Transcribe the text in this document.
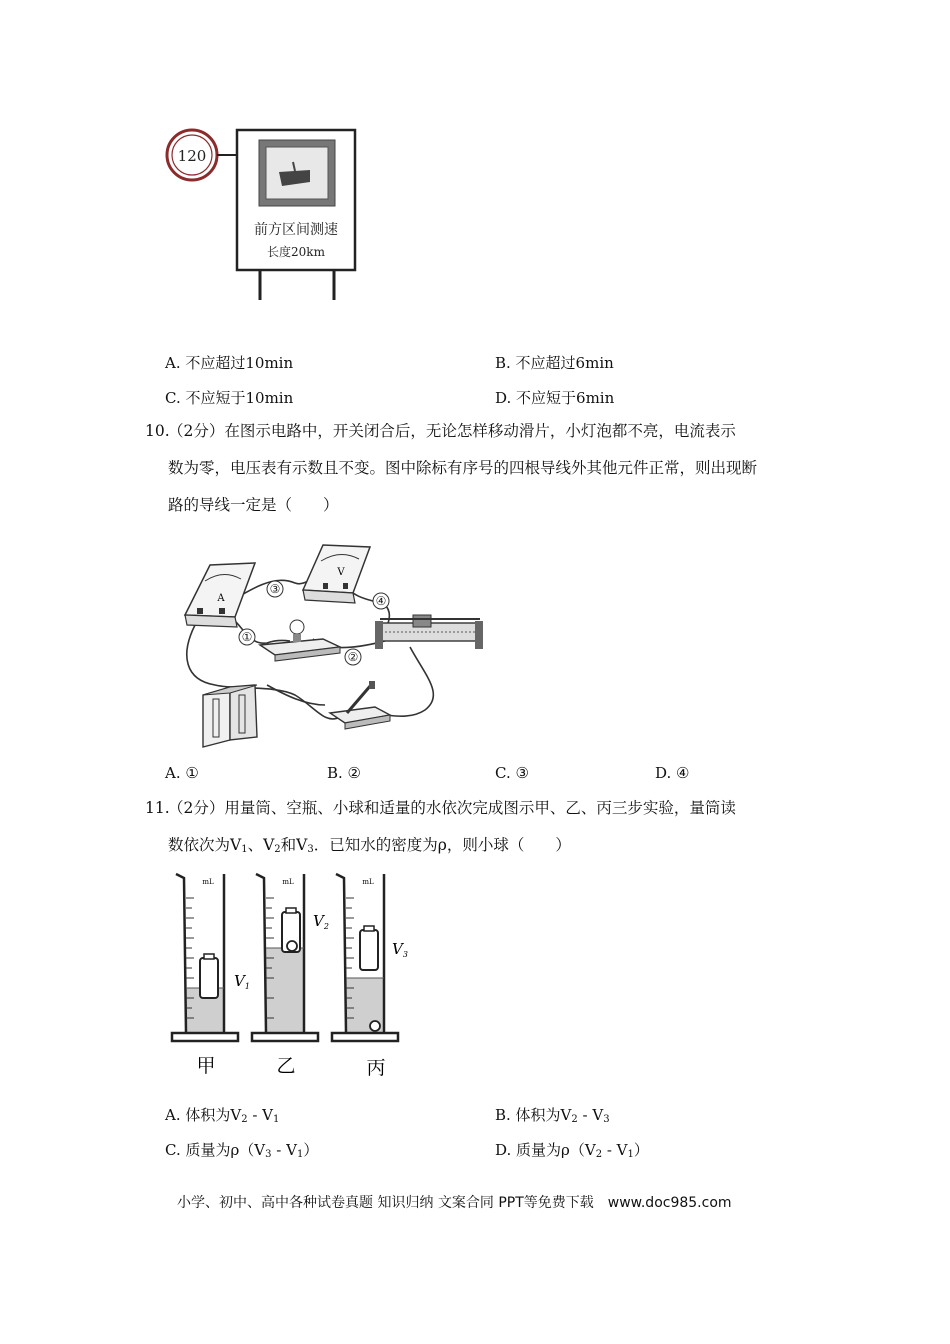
120
前方区间测速
长度20km
A. 不应超过10min	B. 不应超过6min
C. 不应短于10min	D. 不应短于6min
10.
（2分）在图示电路中，开关闭合后，无论怎样移动滑片，小灯泡都不亮，电流表示
数为零，电压表有示数且不变。图中除标有序号的四根导线外其他元件正常，则出现断
路的导线一定是（　　）
A
V
①
②
③
④
A. ①	B. ②	C. ③	D. ④
11.
（2分）用量筒、空瓶、小球和适量的水依次完成图示甲、乙、丙三步实验，量筒读
数依次为$V_1$、$V_2$和$V_3$．已知水的密度为ρ，则小球（　　）
mL
$V_1$
甲
mL
$V_2$
乙
mL
$V_3$
丙
A. 体积为$V_2 - V_1$	B. 体积为$V_2 - V_3$
C. 质量为$\rho(V_3 - V_1)$	D. 质量为$\rho(V_2 - V_1)$
小学、初中、高中各种试卷真题 知识归纳 文案合同 PPT等免费下载　www.doc985.com
